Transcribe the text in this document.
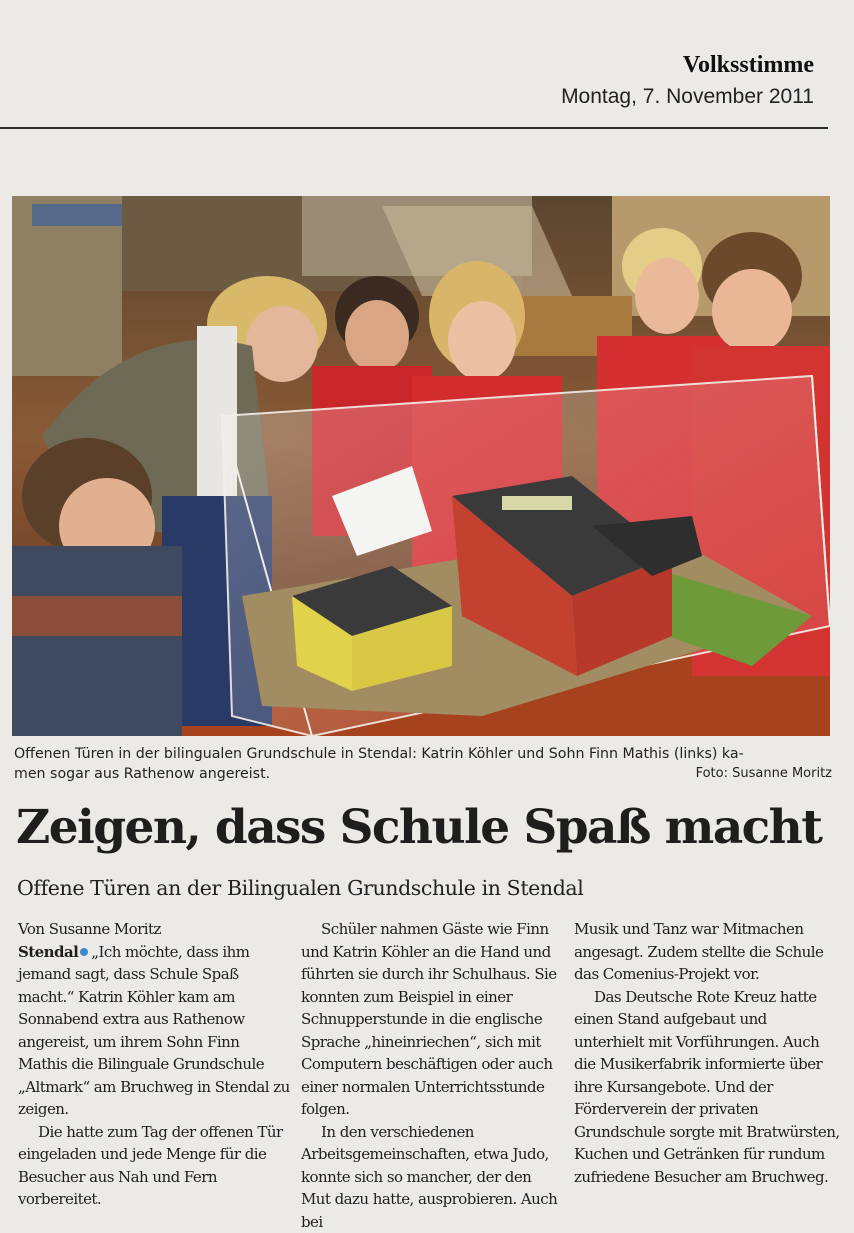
Volksstimme
Montag, 7. November 2011
Offenen Türen in der bilingualen Grundschule in Stendal: Katrin Köhler und Sohn Finn Mathis (links) ka-
men sogar aus Rathenow angereist.	Foto: Susanne Moritz
Zeigen, dass Schule Spaß macht
Offene Türen an der Bilingualen Grundschule in Stendal

Von Susanne Moritz

Stendal „Ich möchte, dass ihm jemand sagt, dass Schule Spaß macht.“ Katrin Köhler kam am Sonnabend extra aus Rathenow angereist, um ihrem Sohn Finn Mathis die Bilinguale Grundschule „Altmark“ am Bruchweg in Stendal zu zeigen.

Die hatte zum Tag der offenen Tür eingeladen und jede Menge für die Besucher aus Nah und Fern vorbereitet.

Schüler nahmen Gäste wie Finn und Katrin Köhler an die Hand und führten sie durch ihr Schulhaus. Sie konnten zum Beispiel in einer Schnupperstunde in die englische Sprache „hineinriechen“, sich mit Computern beschäftigen oder auch einer normalen Unterrichtsstunde folgen.

In den verschiedenen Arbeitsgemeinschaften, etwa Judo, konnte sich so mancher, der den Mut dazu hatte, ausprobieren. Auch bei

Musik und Tanz war Mitmachen angesagt. Zudem stellte die Schule das Comenius-Projekt vor.

Das Deutsche Rote Kreuz hatte einen Stand aufgebaut und unterhielt mit Vorführungen. Auch die Musikerfabrik informierte über ihre Kursangebote. Und der Förderverein der privaten Grundschule sorgte mit Bratwürsten, Kuchen und Getränken für rundum zufriedene Besucher am Bruchweg.
